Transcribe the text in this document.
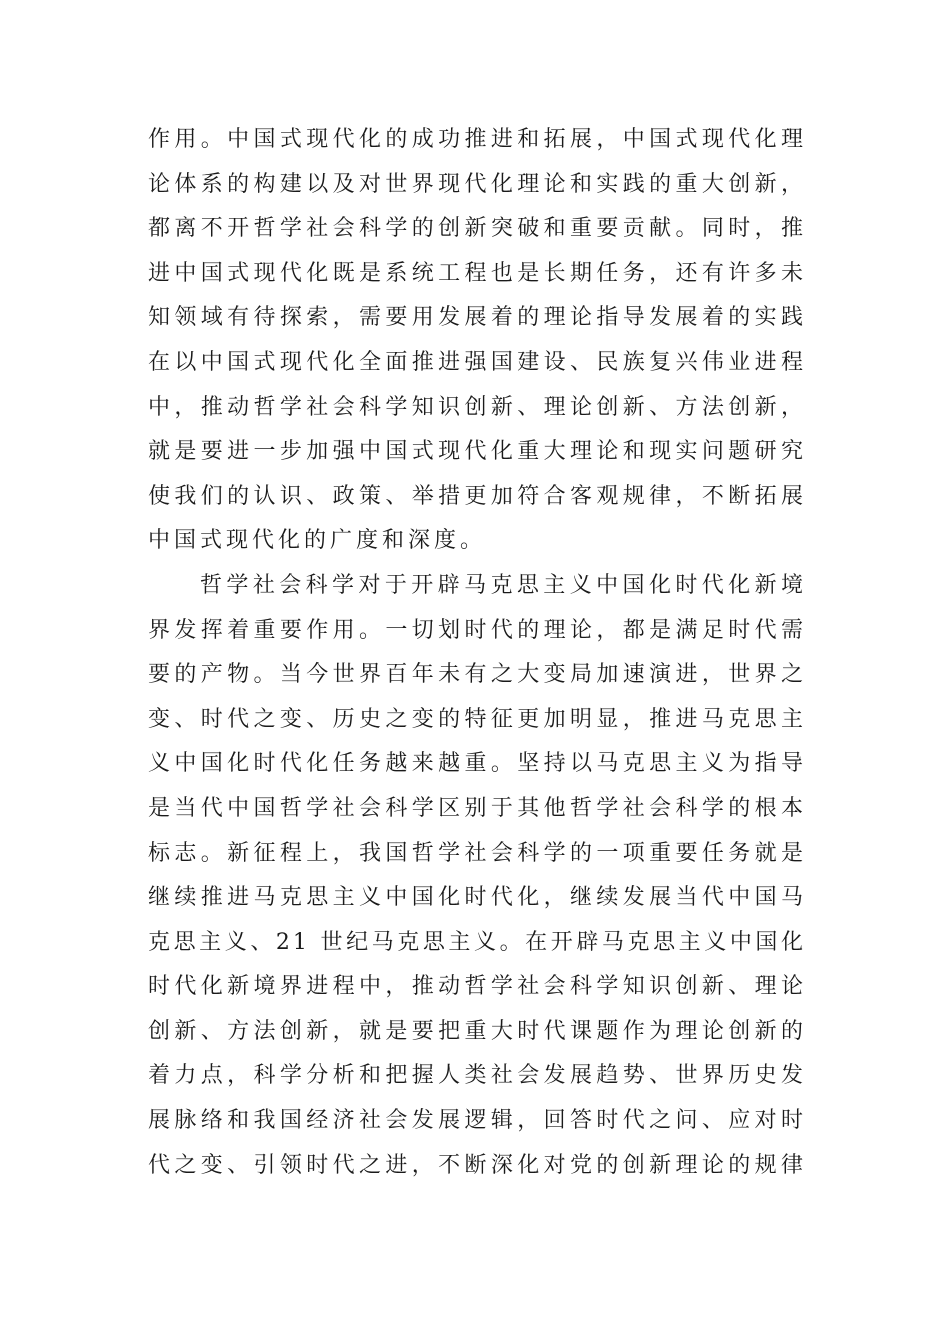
作用。中国式现代化的成功推进和拓展，中国式现代化理
论体系的构建以及对世界现代化理论和实践的重大创新，
都离不开哲学社会科学的创新突破和重要贡献。同时，推
进中国式现代化既是系统工程也是长期任务，还有许多未
知领域有待探索，需要用发展着的理论指导发展着的实践
在以中国式现代化全面推进强国建设、民族复兴伟业进程
中，推动哲学社会科学知识创新、理论创新、方法创新，
就是要进一步加强中国式现代化重大理论和现实问题研究
使我们的认识、政策、举措更加符合客观规律，不断拓展
中国式现代化的广度和深度。
哲学社会科学对于开辟马克思主义中国化时代化新境
界发挥着重要作用。一切划时代的理论，都是满足时代需
要的产物。当今世界百年未有之大变局加速演进，世界之
变、时代之变、历史之变的特征更加明显，推进马克思主
义中国化时代化任务越来越重。坚持以马克思主义为指导
是当代中国哲学社会科学区别于其他哲学社会科学的根本
标志。新征程上，我国哲学社会科学的一项重要任务就是
继续推进马克思主义中国化时代化，继续发展当代中国马
克思主义、21 世纪马克思主义。在开辟马克思主义中国化
时代化新境界进程中，推动哲学社会科学知识创新、理论
创新、方法创新，就是要把重大时代课题作为理论创新的
着力点，科学分析和把握人类社会发展趋势、世界历史发
展脉络和我国经济社会发展逻辑，回答时代之问、应对时
代之变、引领时代之进，不断深化对党的创新理论的规律
